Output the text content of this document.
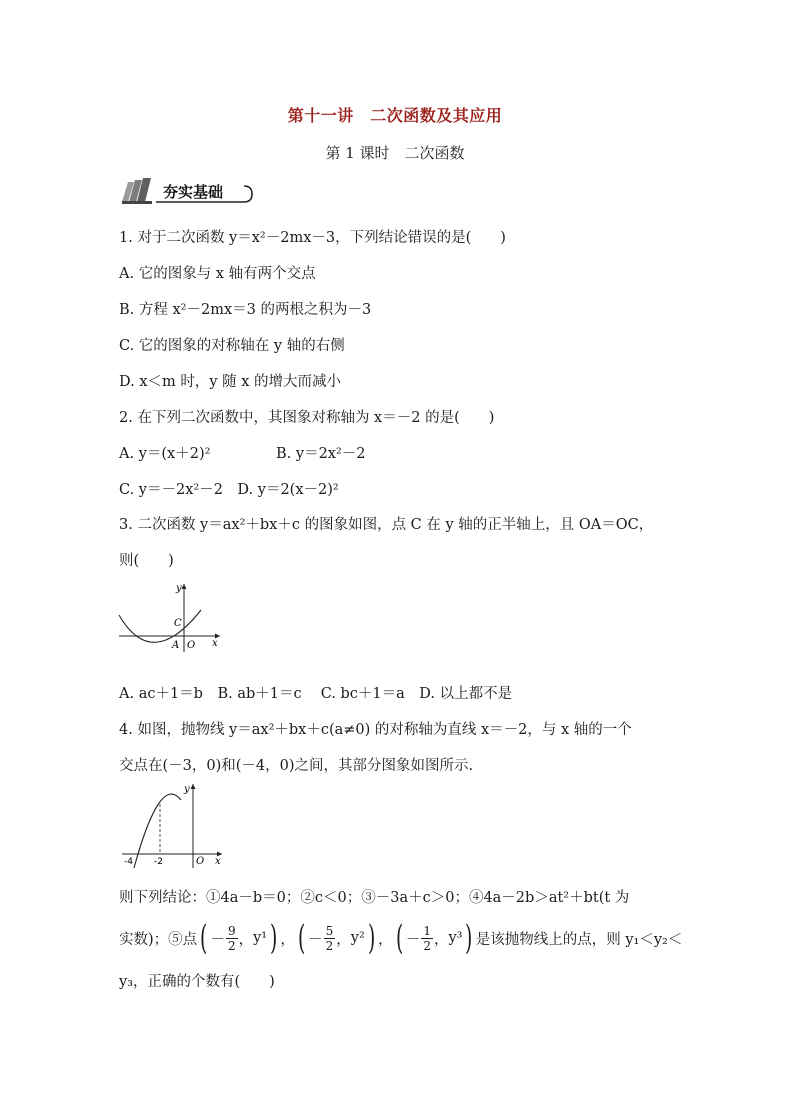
第十一讲　二次函数及其应用
第 1 课时　二次函数
夯实基础
1. 对于二次函数 y＝x²－2mx－3，下列结论错误的是(　　)
A. 它的图象与 x 轴有两个交点
B. 方程 x²－2mx＝3 的两根之积为－3
C. 它的图象的对称轴在 y 轴的右侧
D. x＜m 时，y 随 x 的增大而减小
2. 在下列二次函数中，其图象对称轴为 x＝－2 的是(　　)
A. y＝(x＋2)²	B. y＝2x²－2
C. y＝－2x²－2　D. y＝2(x－2)²
3. 二次函数 y＝ax²＋bx＋c 的图象如图，点 C 在 y 轴的正半轴上，且 OA＝OC，
则(　　)
y
x
C
A O
A. ac＋1＝b　B. ab＋1＝c　 C. bc＋1＝a　D. 以上都不是
4. 如图，抛物线 y＝ax²＋bx＋c(a≠0) 的对称轴为直线 x＝－2，与 x 轴的一个
交点在(－3，0)和(－4，0)之间，其部分图象如图所示.
y
x
-4 -2	O
则下列结论：①4a－b＝0；②c＜0；③－3a＋c＞0；④4a－2b＞at²＋bt(t 为
实数)；⑤点 ( － $\frac{9}{2}$ ， y¹ ) ， ( － $\frac{5}{2}$ ， y² ) ， ( － $\frac{1}{2}$ ， y³ ) 是该抛物线上的点，则 y₁＜y₂＜
y₃，正确的个数有(　　)
